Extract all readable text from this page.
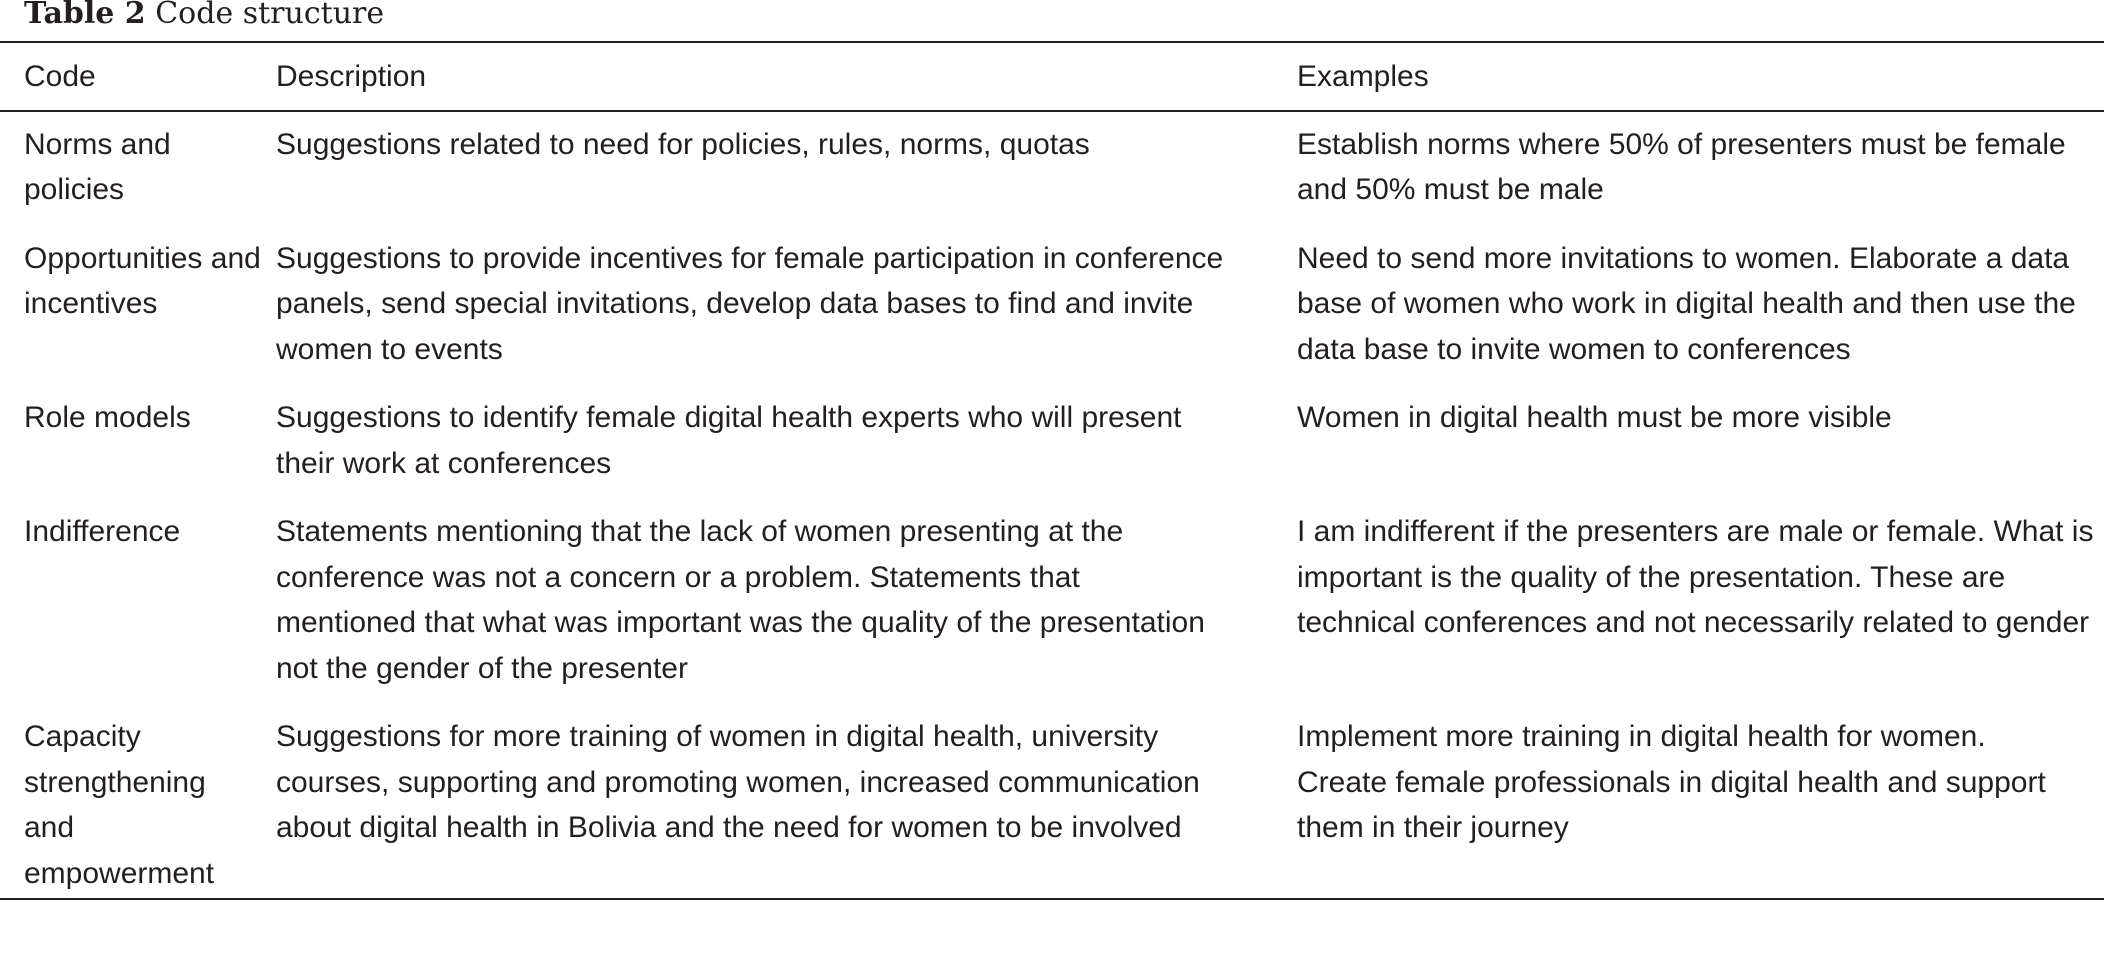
Table 2 Code structure
Code	Description	Examples

Norms and policies	Suggestions related to need for policies, rules, norms, quotas	Establish norms where 50% of presenters must be female and 50% must be male

Opportunities and incentives	Suggestions to provide incentives for female participation in conference panels, send special invitations, develop data bases to find and invite women to events	Need to send more invitations to women. Elaborate a data base of women who work in digital health and then use the data base to invite women to conferences

Role models	Suggestions to identify female digital health experts who will present their work at conferences	Women in digital health must be more visible

Indifference	Statements mentioning that the lack of women presenting at the conference was not a concern or a problem. Statements that mentioned that what was important was the quality of the presentation not the gender of the presenter	I am indifferent if the presenters are male or female. What is important is the quality of the presentation. These are technical conferences and not necessarily related to gender

Capacity strengthening and empowerment	Suggestions for more training of women in digital health, university courses, supporting and promoting women, increased communication about digital health in Bolivia and the need for women to be involved	Implement more training in digital health for women. Create female professionals in digital health and support them in their journey
